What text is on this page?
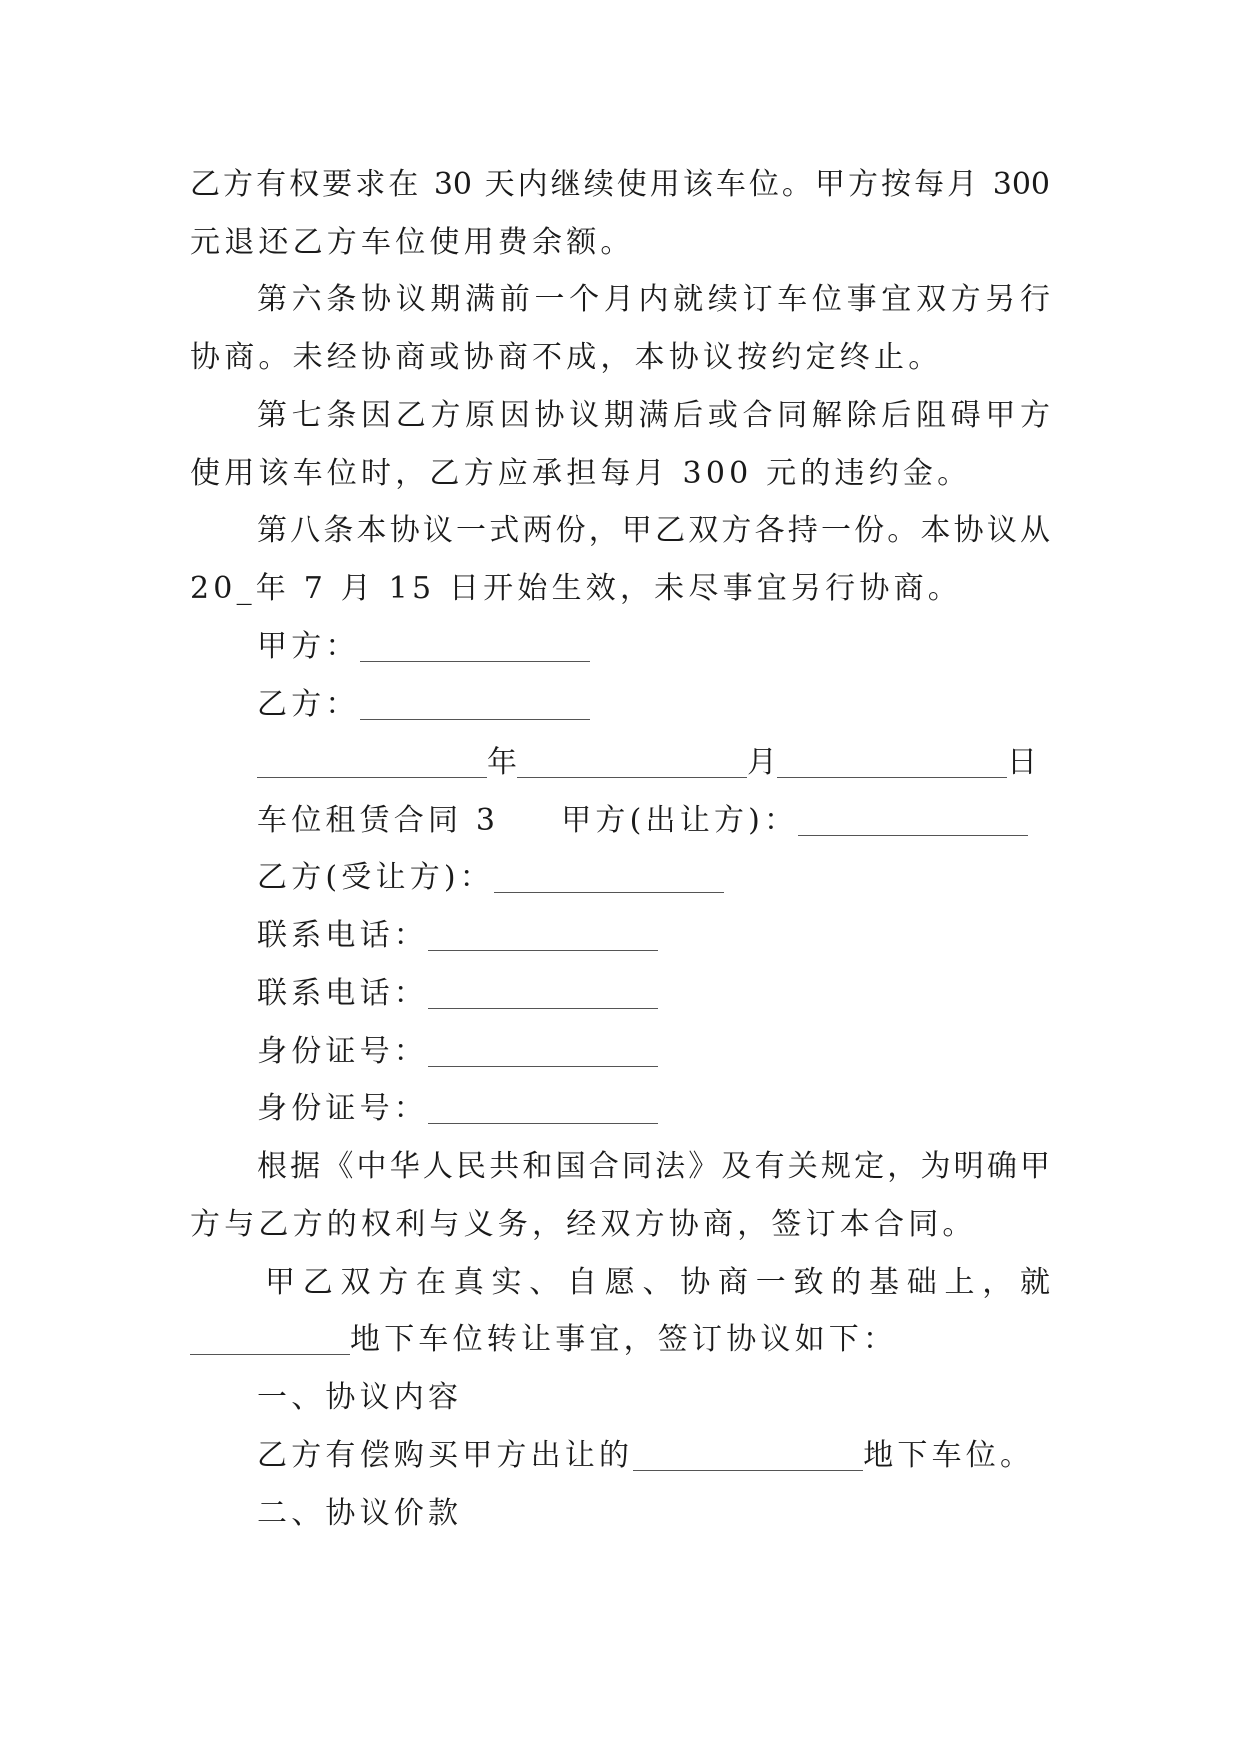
乙方有权要求在 30 天内继续使用该车位。甲方按每月 300
元退还乙方车位使用费余额。
第六条协议期满前一个月内就续订车位事宜双方另行
协商。未经协商或协商不成，本协议按约定终止。
第七条因乙方原因协议期满后或合同解除后阻碍甲方
使用该车位时，乙方应承担每月 300 元的违约金。
第八条本协议一式两份，甲乙双方各持一份。本协议从
20_年 7 月 15 日开始生效，未尽事宜另行协商。
甲方：
乙方：
年	月	日
车位租赁合同 3 甲方(出让方)：
乙方(受让方)：
联系电话：
联系电话：
身份证号：
身份证号：
根据《中华人民共和国合同法》及有关规定，为明确甲
方与乙方的权利与义务，经双方协商，签订本合同。
甲乙双方在真实、自愿、协商一致的基础上，就
地下车位转让事宜，签订协议如下：
一、协议内容
乙方有偿购买甲方出让的	地下车位。
二、协议价款
